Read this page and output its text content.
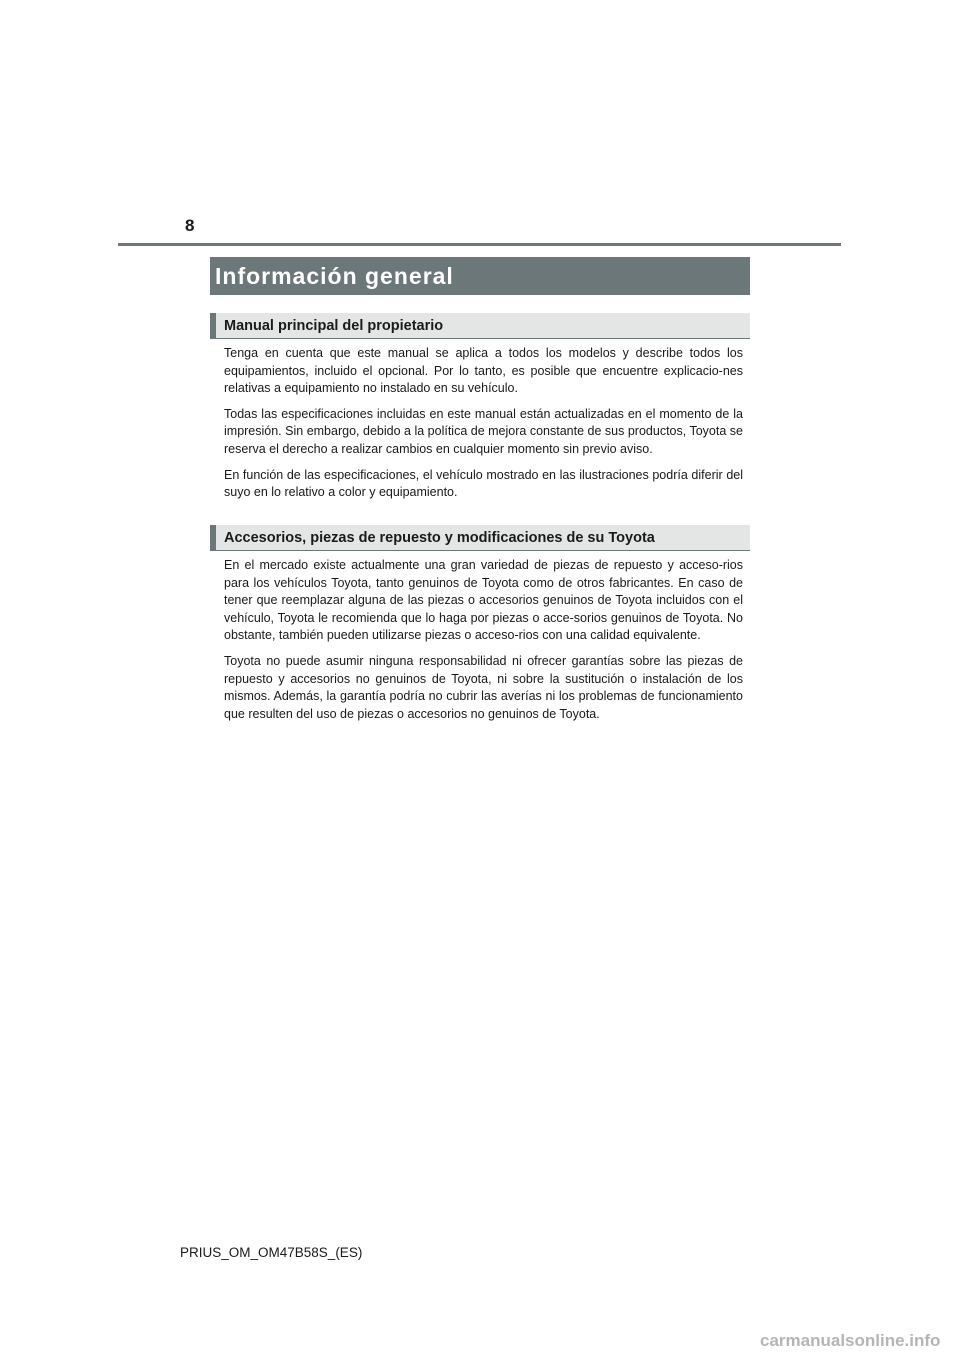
8
Información general
Manual principal del propietario

Tenga en cuenta que este manual se aplica a todos los modelos y describe todos los equipamientos, incluido el opcional. Por lo tanto, es posible que encuentre explicacio-nes relativas a equipamiento no instalado en su vehículo.

Todas las especificaciones incluidas en este manual están actualizadas en el momento de la impresión. Sin embargo, debido a la política de mejora constante de sus productos, Toyota se reserva el derecho a realizar cambios en cualquier momento sin previo aviso.

En función de las especificaciones, el vehículo mostrado en las ilustraciones podría diferir del suyo en lo relativo a color y equipamiento.

Accesorios, piezas de repuesto y modificaciones de su Toyota

En el mercado existe actualmente una gran variedad de piezas de repuesto y acceso-rios para los vehículos Toyota, tanto genuinos de Toyota como de otros fabricantes. En caso de tener que reemplazar alguna de las piezas o accesorios genuinos de Toyota incluidos con el vehículo, Toyota le recomienda que lo haga por piezas o acce-sorios genuinos de Toyota. No obstante, también pueden utilizarse piezas o acceso-rios con una calidad equivalente.

Toyota no puede asumir ninguna responsabilidad ni ofrecer garantías sobre las piezas de repuesto y accesorios no genuinos de Toyota, ni sobre la sustitución o instalación de los mismos. Además, la garantía podría no cubrir las averías ni los problemas de funcionamiento que resulten del uso de piezas o accesorios no genuinos de Toyota.

PRIUS_OM_OM47B58S_(ES)
carmanualsonline.info
